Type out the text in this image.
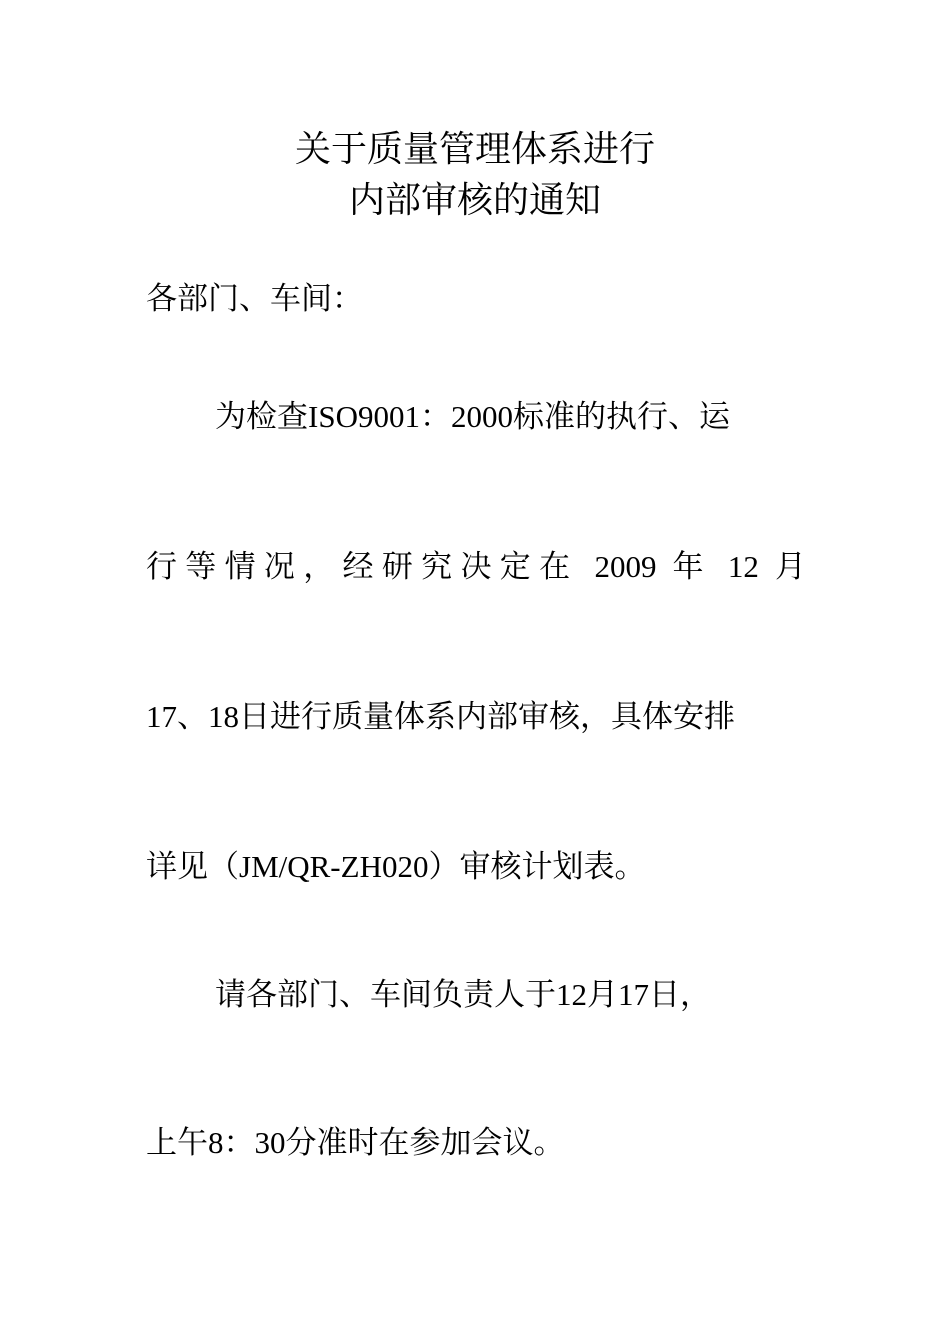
关于质量管理体系进行
内部审核的通知
各部门、车间：
为检查ISO9001：2000标准的执行、运
行等情况，经研究决定在 2009 年 12 月
17、18日进行质量体系内部审核，具体安排
详见（JM/QR-ZH020）审核计划表。
请各部门、车间负责人于12月17日，
上午8：30分准时在参加会议。
